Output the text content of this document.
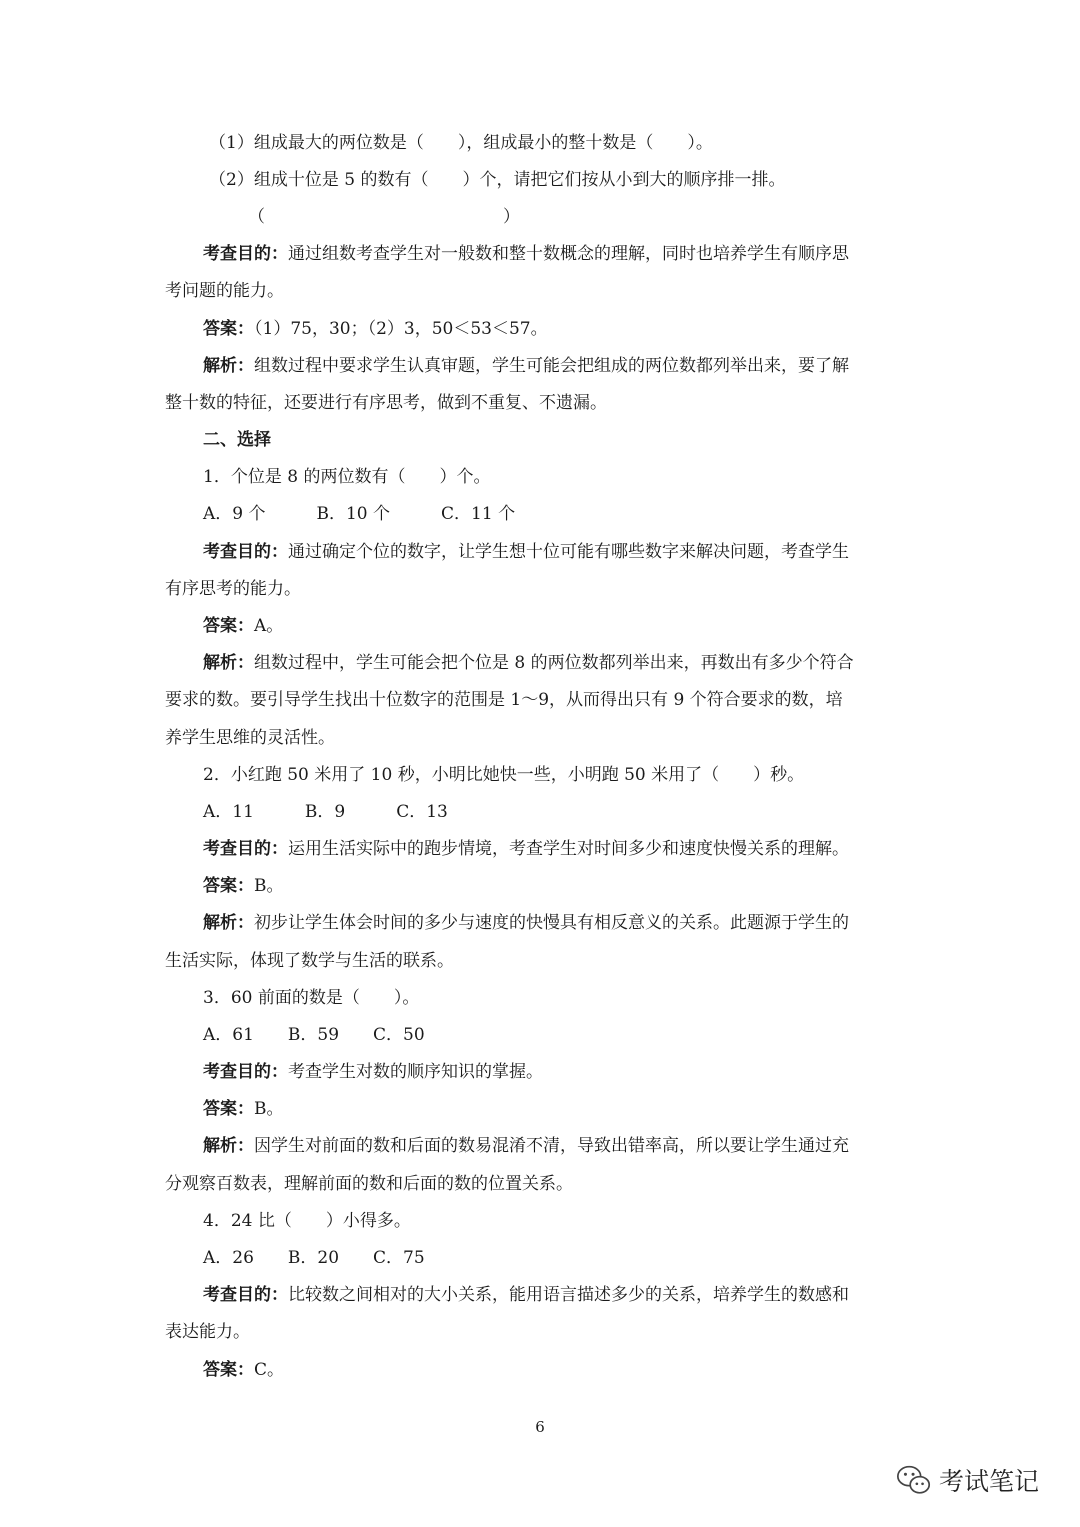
（1）组成最大的两位数是（　　），组成最小的整十数是（　　）。
（2）组成十位是 5 的数有（　　）个，请把它们按从小到大的顺序排一排。
（　　　　　　　　　　　　　　）
考查目的：通过组数考查学生对一般数和整十数概念的理解，同时也培养学生有顺序思
考问题的能力。
答案：（1）75，30；（2）3，50＜53＜57。
解析：组数过程中要求学生认真审题，学生可能会把组成的两位数都列举出来，要了解
整十数的特征，还要进行有序思考，做到不重复、不遗漏。
二、选择
1．个位是 8 的两位数有（　　）个。
A．9 个　　　B．10 个　　　C．11 个
考查目的：通过确定个位的数字，让学生想十位可能有哪些数字来解决问题，考查学生
有序思考的能力。
答案：A。
解析：组数过程中，学生可能会把个位是 8 的两位数都列举出来，再数出有多少个符合
要求的数。要引导学生找出十位数字的范围是 1～9，从而得出只有 9 个符合要求的数，培
养学生思维的灵活性。
2．小红跑 50 米用了 10 秒，小明比她快一些，小明跑 50 米用了（　　）秒。
A．11　　　B．9　　　C．13
考查目的：运用生活实际中的跑步情境，考查学生对时间多少和速度快慢关系的理解。
答案：B。
解析：初步让学生体会时间的多少与速度的快慢具有相反意义的关系。此题源于学生的
生活实际，体现了数学与生活的联系。
3．60 前面的数是（　　）。
A．61　　B．59　　C．50
考查目的：考查学生对数的顺序知识的掌握。
答案：B。
解析：因学生对前面的数和后面的数易混淆不清，导致出错率高，所以要让学生通过充
分观察百数表，理解前面的数和后面的数的位置关系。
4．24 比（　　）小得多。
A．26　　B．20　　C．75
考查目的：比较数之间相对的大小关系，能用语言描述多少的关系，培养学生的数感和
表达能力。
答案：C。
6
考试笔记
